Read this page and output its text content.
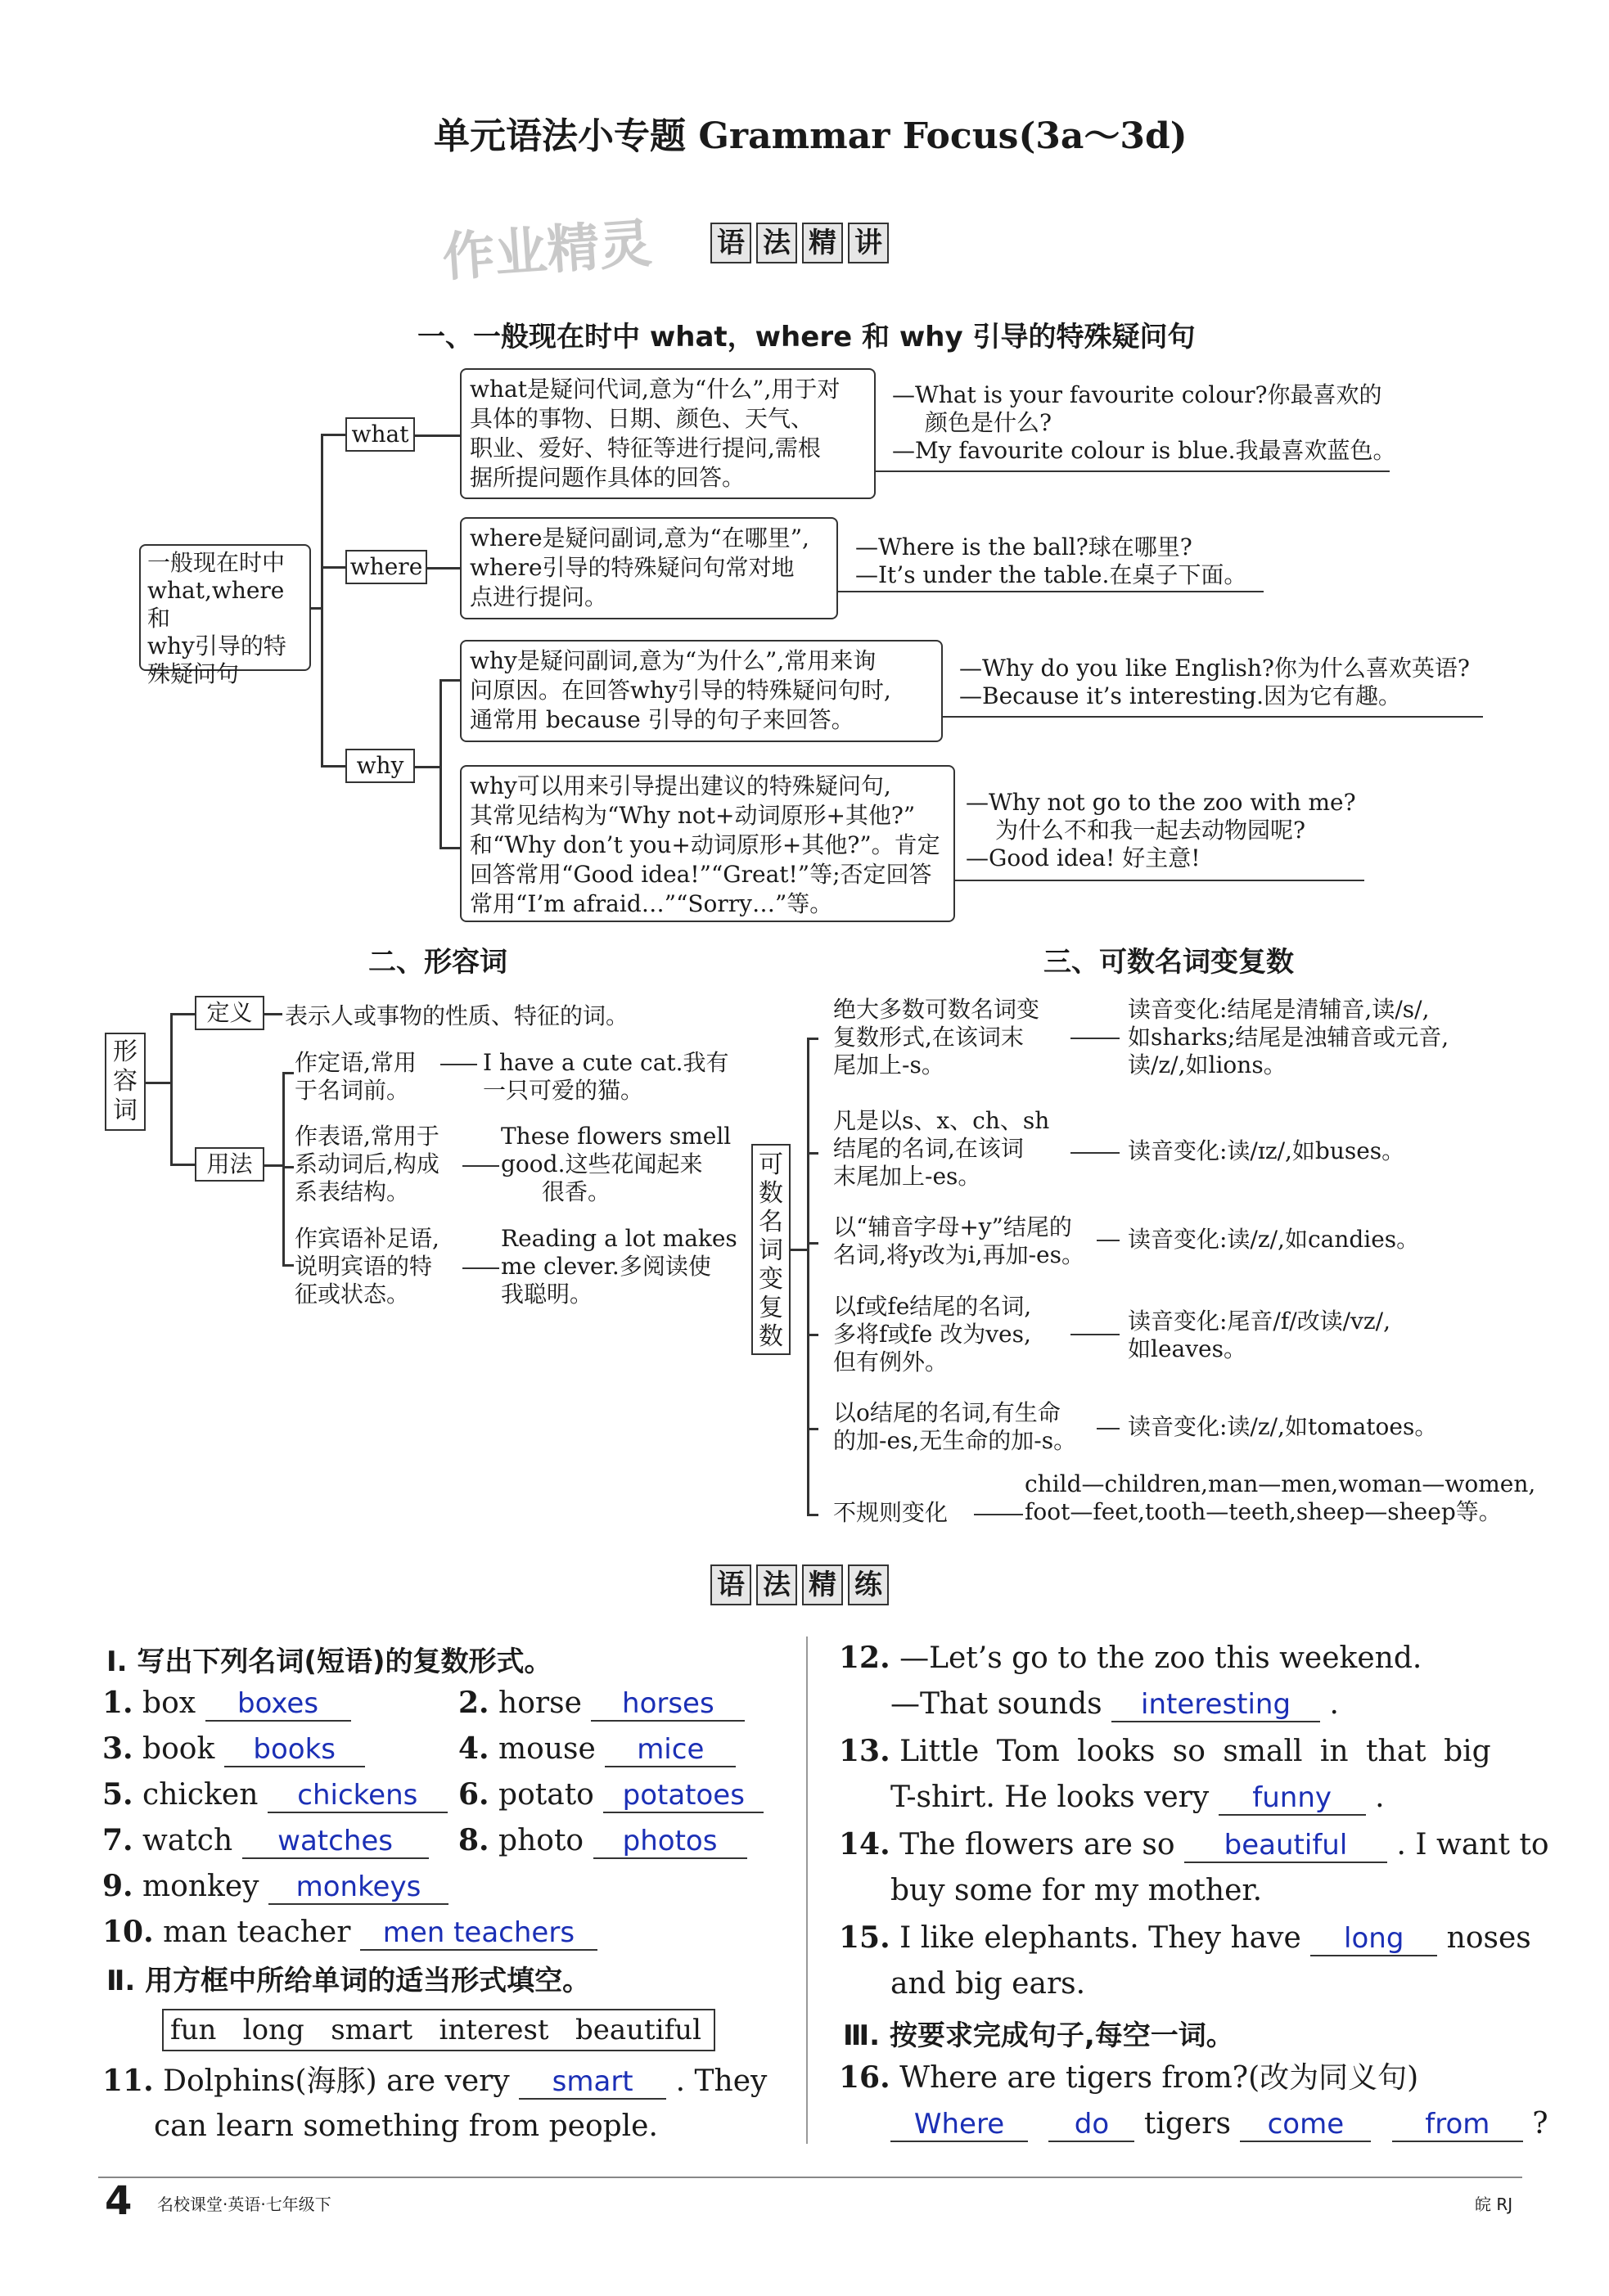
单元语法小专题 Grammar Focus(3a～3d)
作业精灵 语 法 精 讲
一、一般现在时中 what，where 和 why 引导的特殊疑问句
一般现在时中
what,where和
why引导的特
殊疑问句
what
where
why
what是疑问代词,意为“什么”,用于对
具体的事物、日期、颜色、天气、
职业、爱好、特征等进行提问,需根
据所提问题作具体的回答。
—What is your favourite colour?你最喜欢的
颜色是什么?
—My favourite colour is blue.我最喜欢蓝色。
where是疑问副词,意为“在哪里”,
where引导的特殊疑问句常对地
点进行提问。
—Where is the ball?球在哪里?
—It’s under the table.在桌子下面。
why是疑问副词,意为“为什么”,常用来询
问原因。在回答why引导的特殊疑问句时,
通常用 because 引导的句子来回答。
—Why do you like English?你为什么喜欢英语?
—Because it’s interesting.因为它有趣。
why可以用来引导提出建议的特殊疑问句,
其常见结构为“Why not+动词原形+其他?”
和“Why don’t you+动词原形+其他?”。肯定
回答常用“Good idea!”“Great!”等;否定回答
常用“I’m afraid…”“Sorry…”等。
—Why not go to the zoo with me?
为什么不和我一起去动物园呢?
—Good idea! 好主意!
二、形容词
形容词
定义	表示人或事物的性质、特征的词。
用法
作定语,常用
于名词前。
I have a cute cat.我有
一只可爱的猫。
作表语,常用于
系动词后,构成
系表结构。
These flowers smell
good.这些花闻起来
很香。
作宾语补足语,
说明宾语的特
征或状态。
Reading a lot makes
me clever.多阅读使
我聪明。
三、可数名词变复数
可数名词变复数
绝大多数可数名词变
复数形式,在该词末
尾加上-s。
读音变化:结尾是清辅音,读/s/,
如sharks;结尾是浊辅音或元音,
读/z/,如lions。
凡是以s、x、ch、sh
结尾的名词,在该词
末尾加上-es。
读音变化:读/ɪz/,如buses。
以“辅音字母+y”结尾的
名词,将y改为i,再加-es。
读音变化:读/z/,如candies。
以f或fe结尾的名词,
多将f或fe 改为ves,
但有例外。
读音变化:尾音/f/改读/vz/,
如leaves。
以o结尾的名词,有生命
的加-es,无生命的加-s。
读音变化:读/z/,如tomatoes。
不规则变化
child—children,man—men,woman—women,
foot—feet,tooth—teeth,sheep—sheep等。
语 法 精 练
Ⅰ. 写出下列名词(短语)的复数形式。
1. box boxes	2. horse horses
3. book books	4. mouse mice
5. chicken chickens	6. potato potatoes
7. watch watches	8. photo photos
9. monkey monkeys
10. man teacher men teachers
Ⅱ. 用方框中所给单词的适当形式填空。
fun   long   smart   interest   beautiful
11. Dolphins(海豚) are very smart . They
can learn something from people.
12. —Let’s go to the zoo this weekend.
—That sounds interesting .
13. Little Tom looks so small in that big
T-shirt. He looks very funny .
14. The flowers are so beautiful . I want to
buy some for my mother.
15. I like elephants. They have long noses
and big ears.
Ⅲ. 按要求完成句子,每空一词。
16. Where are tigers from?(改为同义句)
Where	do tigers come	from ?
4 名校课堂·英语·七年级下	皖 RJ
